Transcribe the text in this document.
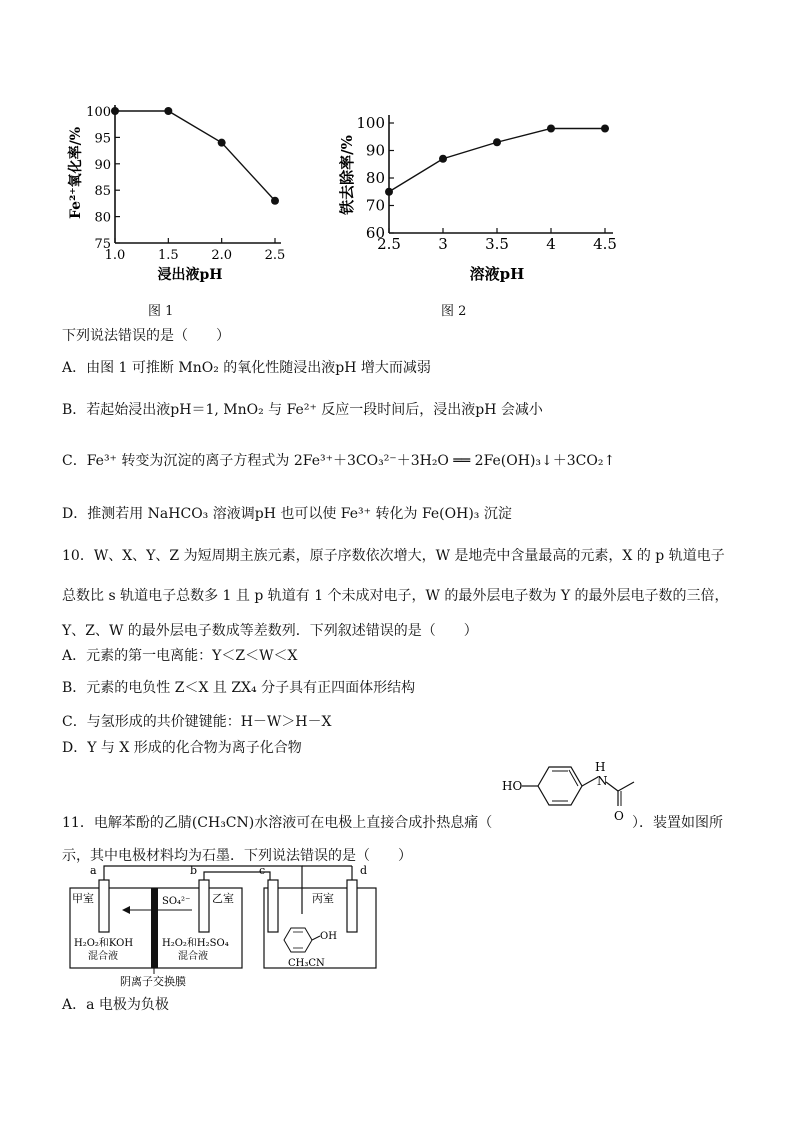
1.0	1.5	2.0	2.5
75
80
85
90
95
100
浸出液pH
Fe²⁺氧化率/%
2.5 3 3.5 4 4.5
60
70
80
90
100
溶液pH
铁去除率/%
图 1	图 2
下列说法错误的是（　　）
A．由图 1 可推断 MnO₂ 的氧化性随浸出液pH 增大而减弱
B．若起始浸出液pH＝1, MnO₂ 与 Fe²⁺ 反应一段时间后，浸出液pH 会减小
C．Fe³⁺ 转变为沉淀的离子方程式为 2Fe³⁺＋3CO₃²⁻＋3H₂O ══ 2Fe(OH)₃↓＋3CO₂↑
D．推测若用 NaHCO₃ 溶液调pH 也可以使 Fe³⁺ 转化为 Fe(OH)₃ 沉淀
10．W、X、Y、Z 为短周期主族元素，原子序数依次增大，W 是地壳中含量最高的元素，X 的 p 轨道电子
总数比 s 轨道电子总数多 1 且 p 轨道有 1 个未成对电子，W 的最外层电子数为 Y 的最外层电子数的三倍，
Y、Z、W 的最外层电子数成等差数列．下列叙述错误的是（　　）
A．元素的第一电离能：Y＜Z＜W＜X
B．元素的电负性 Z＜X 且 ZX₄ 分子具有正四面体形结构
C．与氢形成的共价键键能：H－W＞H－X
D．Y 与 X 形成的化合物为离子化合物
HO
H
N
O
11．电解苯酚的乙腈(CH₃CN)水溶液可在电极上直接合成扑热息痛（	）．装置如图所
示，其中电极材料均为石墨．下列说法错误的是（　　）
a	b	c	d
甲室	乙室	丙室
SO₄²⁻
H₂O₂和KOH
混合液
H₂O₂和H₂SO₄
混合液
OH
CH₃CN
阴离子交换膜
A．a 电极为负极
